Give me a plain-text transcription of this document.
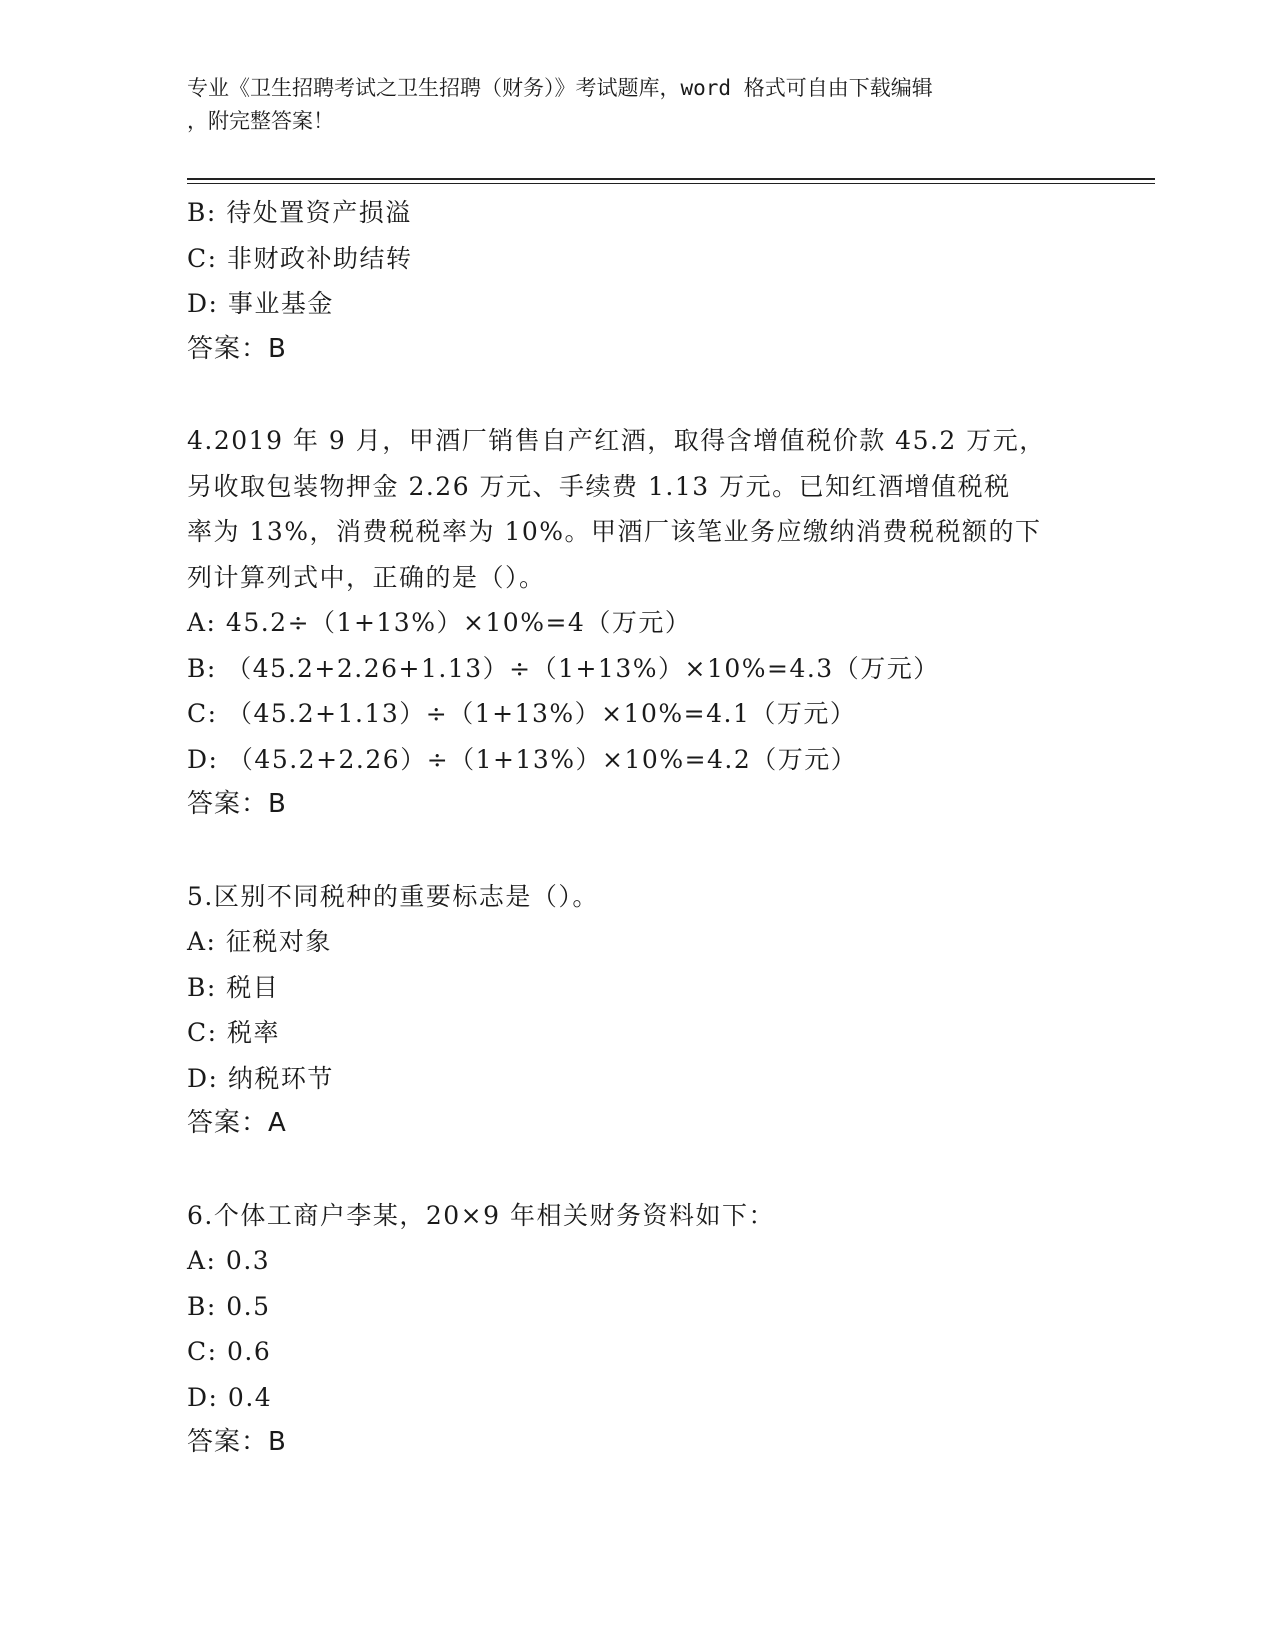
专业《卫生招聘考试之卫生招聘（财务）》考试题库，word 格式可自由下载编辑
，附完整答案！
B: 待处置资产损溢
C: 非财政补助结转
D: 事业基金
答案：B
4.2019 年 9 月，甲酒厂销售自产红酒，取得含增值税价款 45.2 万元，
另收取包装物押金 2.26 万元、手续费 1.13 万元。已知红酒增值税税
率为 13%，消费税税率为 10%。甲酒厂该笔业务应缴纳消费税税额的下
列计算列式中，正确的是（）。
A: 45.2÷（1+13%）×10%=4（万元）
B: （45.2+2.26+1.13）÷（1+13%）×10%=4.3（万元）
C: （45.2+1.13）÷（1+13%）×10%=4.1（万元）
D: （45.2+2.26）÷（1+13%）×10%=4.2（万元）
答案：B
5.区别不同税种的重要标志是（）。
A: 征税对象
B: 税目
C: 税率
D: 纳税环节
答案：A
6.个体工商户李某，20×9 年相关财务资料如下：
A: 0.3
B: 0.5
C: 0.6
D: 0.4
答案：B
